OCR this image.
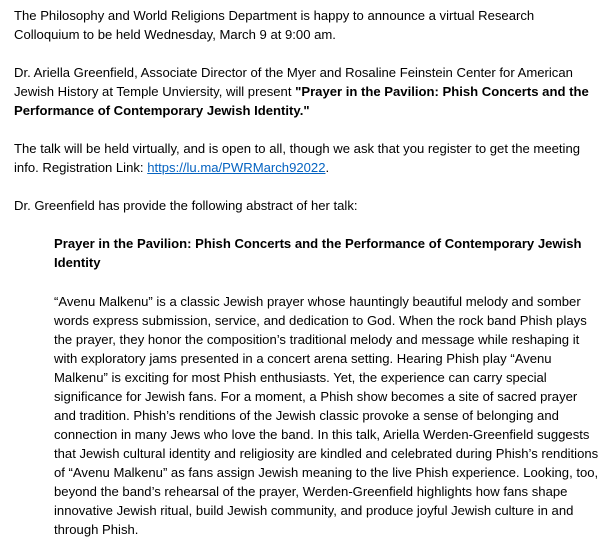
The Philosophy and World Religions Department is happy to announce a virtual Research Colloquium to be held Wednesday, March 9 at 9:00 am.

Dr. Ariella Greenfield, Associate Director of the Myer and Rosaline Feinstein Center for American Jewish History at Temple Unviersity, will present "Prayer in the Pavilion: Phish Concerts and the Performance of Contemporary Jewish Identity."

The talk will be held virtually, and is open to all, though we ask that you register to get the meeting info. Registration Link: https://lu.ma/PWRMarch92022.

Dr. Greenfield has provide the following abstract of her talk:

Prayer in the Pavilion: Phish Concerts and the Performance of Contemporary Jewish Identity

“Avenu Malkenu” is a classic Jewish prayer whose hauntingly beautiful melody and somber words express submission, service, and dedication to God. When the rock band Phish plays the prayer, they honor the composition’s traditional melody and message while reshaping it with exploratory jams presented in a concert arena setting. Hearing Phish play “Avenu Malkenu” is exciting for most Phish enthusiasts. Yet, the experience can carry special significance for Jewish fans. For a moment, a Phish show becomes a site of sacred prayer and tradition. Phish’s renditions of the Jewish classic provoke a sense of belonging and connection in many Jews who love the band. In this talk, Ariella Werden-Greenfield suggests that Jewish cultural identity and religiosity are kindled and celebrated during Phish’s renditions of “Avenu Malkenu” as fans assign Jewish meaning to the live Phish experience. Looking, too, beyond the band’s rehearsal of the prayer, Werden-Greenfield highlights how fans shape innovative Jewish ritual, build Jewish community, and produce joyful Jewish culture in and through Phish.
